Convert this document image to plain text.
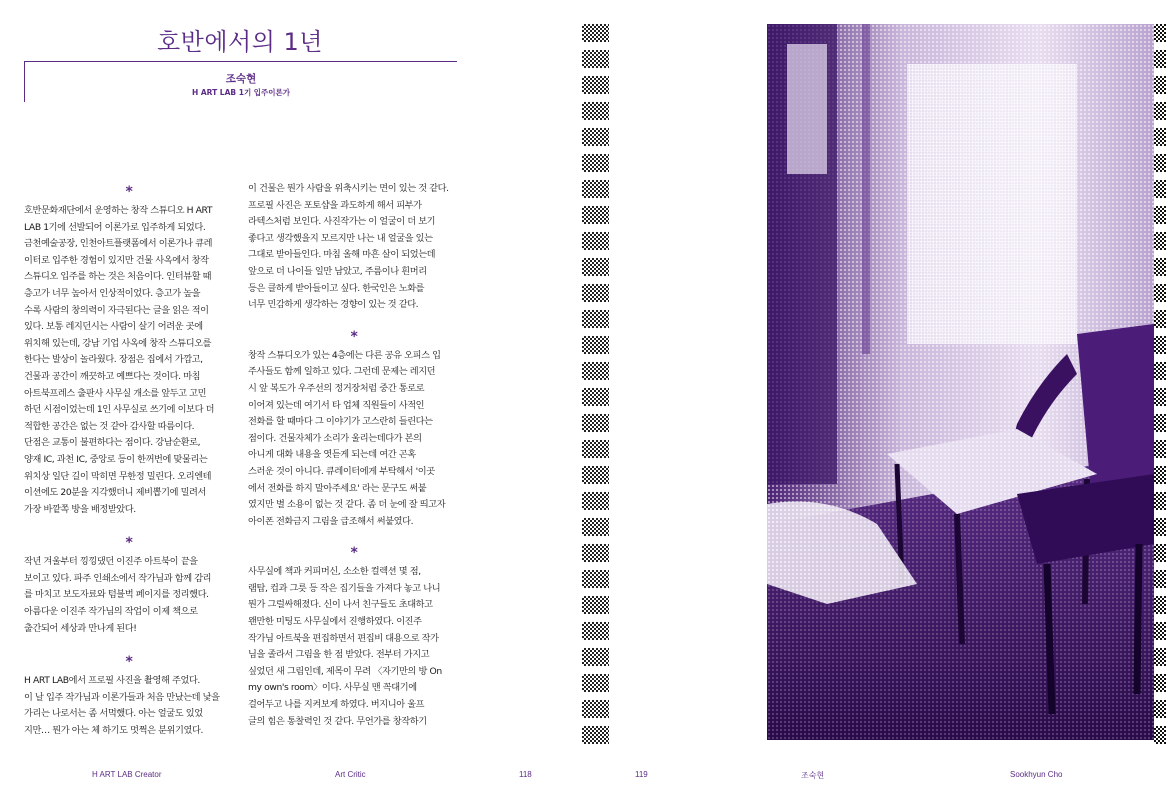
호반에서의 1년
조숙현
H ART LAB 1기 입주이론가
*
호반문화재단에서 운영하는 창작 스튜디오 H ART
LAB 1기에 선발되어 이론가로 입주하게 되었다.
금천예술공장, 인천아트플랫폼에서 이론가나 큐레
이터로 입주한 경험이 있지만 건물 사옥에서 창작
스튜디오 입주를 하는 것은 처음이다. 인터뷰할 때
층고가 너무 높아서 인상적이었다. 층고가 높을
수록 사람의 창의력이 자극된다는 글을 읽은 적이
있다. 보통 레지던시는 사람이 살기 어려운 곳에
위치해 있는데, 강남 기업 사옥에 창작 스튜디오를
한다는 발상이 놀라웠다. 장점은 집에서 가깝고,
건물과 공간이 깨끗하고 예쁘다는 것이다. 마침
아트북프레스 출판사 사무실 개소를 앞두고 고민
하던 시점이었는데 1인 사무실로 쓰기에 이보다 더
적합한 공간은 없는 것 같아 감사할 따름이다.
단점은 교통이 불편하다는 점이다. 강남순환로,
양재 IC, 과천 IC, 중앙로 등이 한꺼번에 맞물리는
위치상 일단 길이 막히면 무한정 밀린다. 오리엔테
이션에도 20분을 지각했더니 제비뽑기에 밀려서
가장 바깥쪽 방을 배정받았다.
*
작년 겨울부터 낑낑댔던 이진주 아트북이 끝을
보이고 있다. 파주 인쇄소에서 작가님과 함께 감리
를 마치고 보도자료와 텀블벅 페이지를 정리했다.
아름다운 이진주 작가님의 작업이 이제 책으로
출간되어 세상과 만나게 된다!
*
H ART LAB에서 프로필 사진을 촬영해 주었다.
이 날 입주 작가님과 이론가들과 처음 만났는데 낯을
가리는 나로서는 좀 서먹했다. 아는 얼굴도 있었
지만… 뭔가 아는 체 하기도 멋쩍은 분위기였다.
이 건물은 뭔가 사람을 위축시키는 면이 있는 것 같다.
프로필 사진은 포토샵을 과도하게 해서 피부가
라텍스처럼 보인다. 사진작가는 이 얼굴이 더 보기
좋다고 생각했을지 모르지만 나는 내 얼굴을 있는
그대로 받아들인다. 마침 올해 마흔 살이 되었는데
앞으로 더 나이들 일만 남았고, 주름이나 흰머리
등은 클하게 받아들이고 싶다. 한국인은 노화를
너무 민감하게 생각하는 경향이 있는 것 같다.
*
창작 스튜디오가 있는 4층에는 다른 공유 오피스 입
주사들도 함께 일하고 있다. 그런데 문제는 레지던
시 앞 복도가 우주선의 정거장처럼 중간 통로로
이어져 있는데 여기서 타 업체 직원들이 사적인
전화를 할 때마다 그 이야기가 고스란히 들린다는
점이다. 건물자체가 소리가 울리는데다가 본의
아니게 대화 내용을 엿듣게 되는데 여간 곤혹
스러운 것이 아니다. 큐레이터에게 부탁해서 '이곳
에서 전화를 하지 말아주세요' 라는 문구도 써붙
였지만 별 소용이 없는 것 같다. 좀 더 눈에 잘 띄고자
아이폰 전화금지 그림을 급조해서 써붙였다.
*
사무실에 책과 커피머신, 소소한 컬렉션 몇 점,
램탑, 컵과 그릇 등 작은 집기들을 가져다 놓고 나니
뭔가 그럴싸해졌다. 신이 나서 친구들도 초대하고
왠만한 미팅도 사무실에서 진행하였다. 이진주
작가님 아트북을 편집하면서 편집비 대용으로 작가
님을 졸라서 그림을 한 점 받았다. 전부터 가지고
싶었던 새 그림인데, 제목이 무려 〈자기만의 방 On
my own's room〉이다. 사무실 맨 꼭대기에
걸어두고 나를 지켜보게 하였다. 버지니아 울프
글의 힘은 통찰력인 것 같다. 무언가를 창작하기
H ART LAB Creator	Art Critic	118	119	조숙현	Sookhyun Cho
